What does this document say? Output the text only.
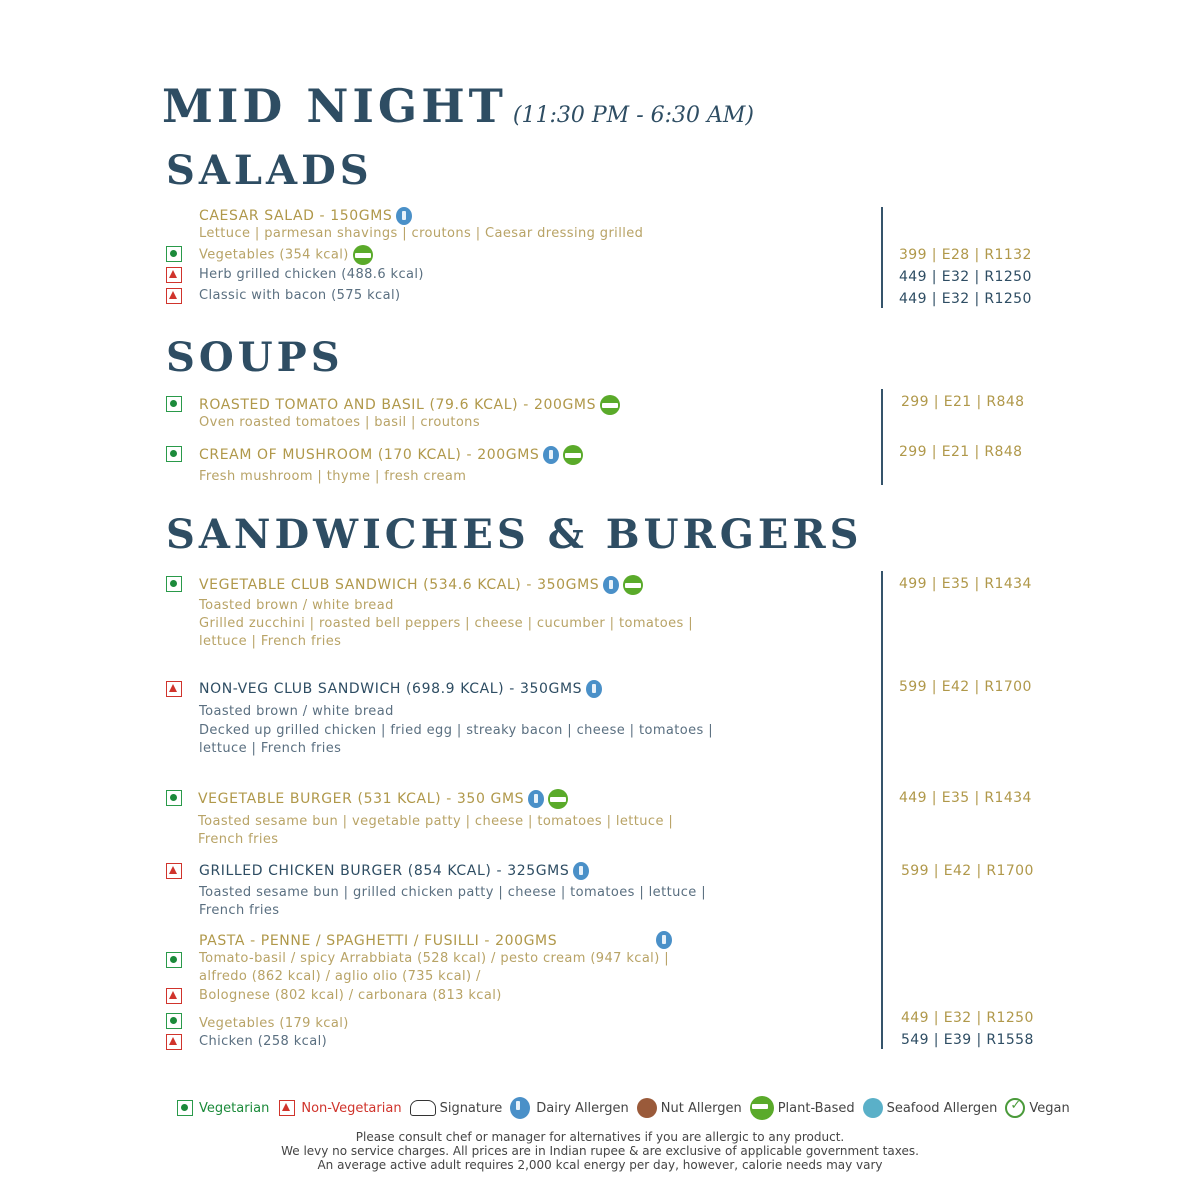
MID NIGHT (11:30 PM - 6:30 AM)
SALADS
CAESAR SALAD - 150GMS
Lettuce | parmesan shavings | croutons | Caesar dressing grilled
Vegetables (354 kcal)
Herb grilled chicken (488.6 kcal)
Classic with bacon (575 kcal)
399 | E28 | R1132
449 | E32 | R1250
449 | E32 | R1250
SOUPS
ROASTED TOMATO AND BASIL (79.6 KCAL) - 200GMS
Oven roasted tomatoes | basil | croutons
CREAM OF MUSHROOM (170 KCAL) - 200GMS
Fresh mushroom | thyme | fresh cream
299 | E21 | R848
299 | E21 | R848
SANDWICHES & BURGERS
VEGETABLE CLUB SANDWICH (534.6 KCAL) - 350GMS
Toasted brown / white bread
Grilled zucchini | roasted bell peppers | cheese | cucumber | tomatoes |
lettuce | French fries
NON-VEG CLUB SANDWICH (698.9 KCAL) - 350GMS
Toasted brown / white bread
Decked up grilled chicken | fried egg | streaky bacon | cheese | tomatoes |
lettuce | French fries
VEGETABLE BURGER (531 KCAL) - 350 GMS
Toasted sesame bun | vegetable patty | cheese | tomatoes | lettuce |
French fries
GRILLED CHICKEN BURGER (854 KCAL) - 325GMS
Toasted sesame bun | grilled chicken patty | cheese | tomatoes | lettuce |
French fries
PASTA - PENNE / SPAGHETTI / FUSILLI - 200GMS
Tomato-basil / spicy Arrabbiata (528 kcal) / pesto cream (947 kcal) |
alfredo (862 kcal) / aglio olio (735 kcal) /
Bolognese (802 kcal) / carbonara (813 kcal)
Vegetables (179 kcal)
Chicken (258 kcal)
499 | E35 | R1434
599 | E42 | R1700
449 | E35 | R1434
599 | E42 | R1700
449 | E32 | R1250
549 | E39 | R1558
Vegetarian Non-Vegetarian	Signature	Dairy Allergen Nut Allergen	Plant-Based Seafood Allergen
✓ Vegan
Please consult chef or manager for alternatives if you are allergic to any product.
We levy no service charges. All prices are in Indian rupee & are exclusive of applicable government taxes.
An average active adult requires 2,000 kcal energy per day, however, calorie needs may vary
